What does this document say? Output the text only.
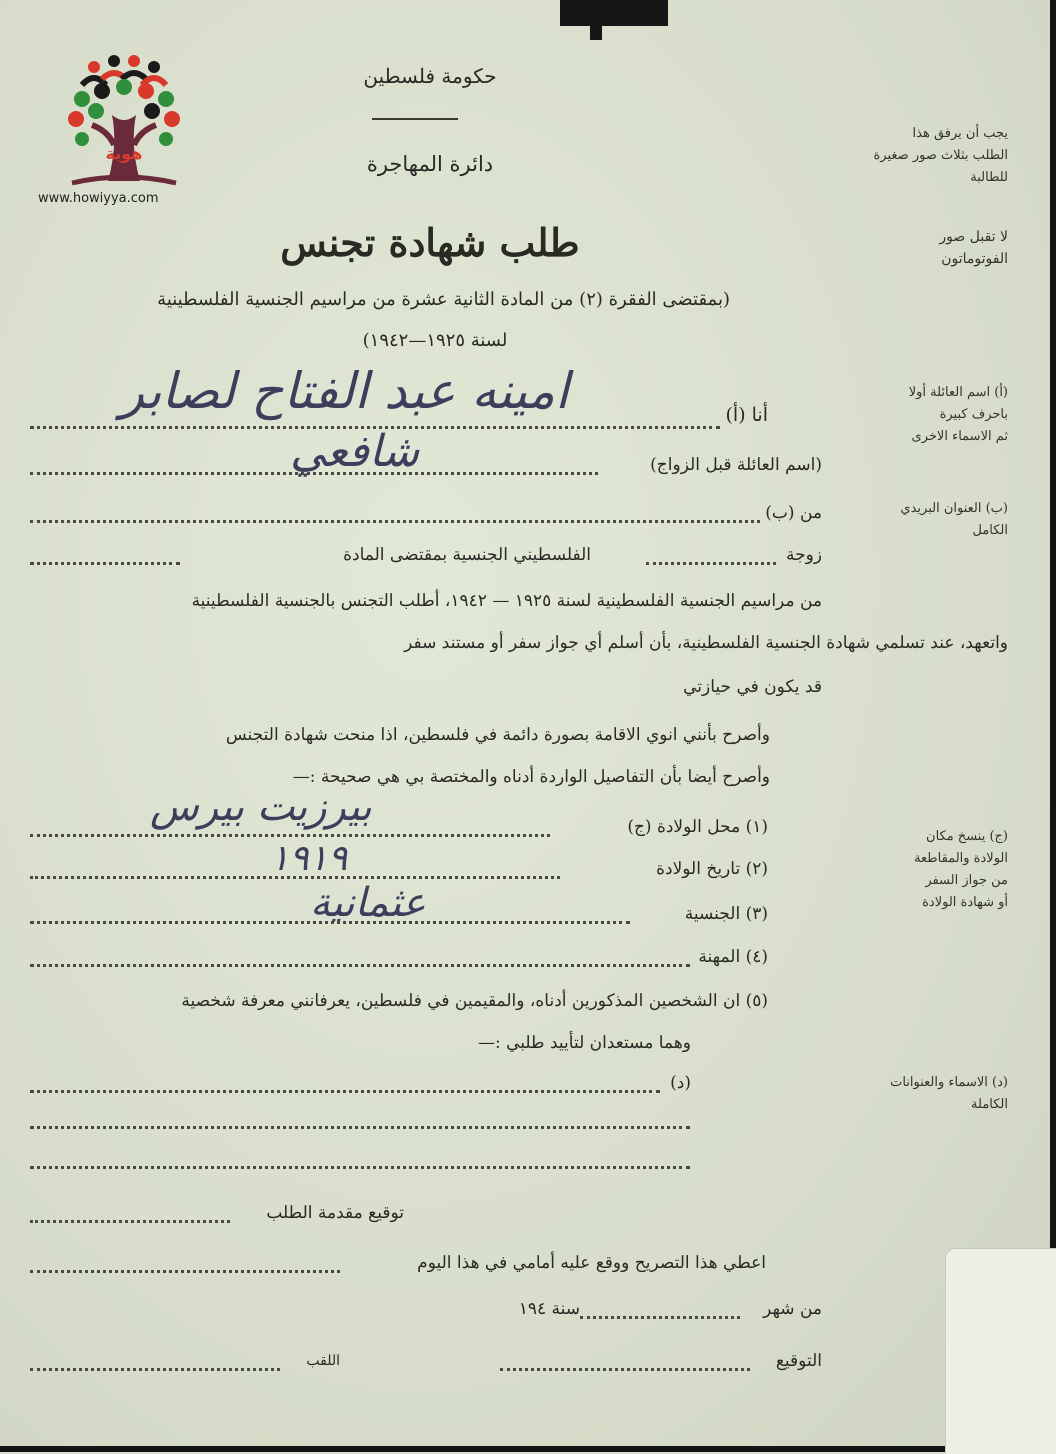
هوية
www.howiyya.com
حكومة فلسطين
دائرة المهاجرة
طلب شهادة تجنس
(بمقتضى الفقرة (٢) من المادة الثانية عشرة من مراسيم الجنسية الفلسطينية
لسنة ١٩٢٥—١٩٤٢)
يجب أن يرفق هذا
الطلب بثلاث صور صغيرة
للطالبة
لا تقبل صور
الفوتوماتون
(أ) اسم العائلة أولا
باحرف كبيرة
ثم الاسماء الاخرى
(ب) العنوان البريدي
الكامل
(ج) ينسخ مكان
الولادة والمقاطعة
من جواز السفر
أو شهادة الولادة
(د) الاسماء والعنوانات
الكاملة
أنا (أ)
امينه عبد الفتاح لصابر
(اسم العائلة قبل الزواج)
شافعي
من (ب)
زوجة
الفلسطيني الجنسية بمقتضى المادة
من مراسيم الجنسية الفلسطينية لسنة ١٩٢٥ — ١٩٤٢، أطلب التجنس بالجنسية الفلسطينية
واتعهد، عند تسلمي شهادة الجنسية الفلسطينية، بأن أسلم أي جواز سفر أو مستند سفر
قد يكون في حيازتي
وأصرح بأنني انوي الاقامة بصورة دائمة في فلسطين، اذا منحت شهادة التجنس
وأصرح أيضا بأن التفاصيل الواردة أدناه والمختصة بي هي صحيحة :—
(١) محل الولادة (ج)
بيرزيت بيرس
(٢) تاريخ الولادة
١٩١٩
(٣) الجنسية
عثمانية
(٤) المهنة
(٥) ان الشخصين المذكورين أدناه، والمقيمين في فلسطين، يعرفانني معرفة شخصية
وهما مستعدان لتأييد طلبي :—
(د)
توقيع مقدمة الطلب
اعطي هذا التصريح ووقع عليه أمامي في هذا اليوم
من شهر
سنة ١٩٤
التوقيع
اللقب
